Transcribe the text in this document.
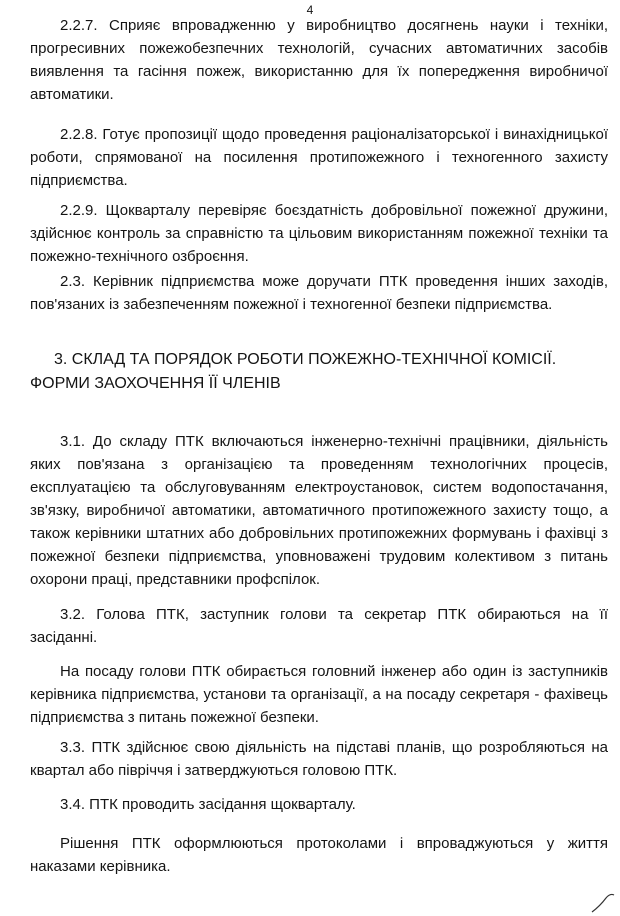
4

2.2.7. Сприяє впровадженню у виробництво досягнень науки і техніки, прогресивних пожежобезпечних технологій, сучасних автоматичних засобів виявлення та гасіння пожеж, використанню для їх попередження виробничої автоматики.

2.2.8. Готує пропозиції щодо проведення раціоналізаторської і винахідницької роботи, спрямованої на посилення протипожежного і техногенного захисту підприємства.

2.2.9. Щокварталу перевіряє боєздатність добровільної пожежної дружини, здійснює контроль за справністю та цільовим використанням пожежної техніки та пожежно-технічного озброєння.

2.3. Керівник підприємства може доручати ПТК проведення інших заходів, пов'язаних із забезпеченням пожежної і техногенної безпеки підприємства.

3. СКЛАД ТА ПОРЯДОК РОБОТИ ПОЖЕЖНО-ТЕХНІЧНОЇ КОМІСІЇ. ФОРМИ ЗАОХОЧЕННЯ ЇЇ ЧЛЕНІВ

3.1. До складу ПТК включаються інженерно-технічні працівники, діяльність яких пов'язана з організацією та проведенням технологічних процесів, експлуатацією та обслуговуванням електроустановок, систем водопостачання, зв'язку, виробничої автоматики, автоматичного протипожежного захисту тощо, а також керівники штатних або добровільних протипожежних формувань і фахівці з пожежної безпеки підприємства, уповноважені трудовим колективом з питань охорони праці, представники профспілок.

3.2. Голова ПТК, заступник голови та секретар ПТК обираються на її засіданні.

На посаду голови ПТК обирається головний інженер або один із заступників керівника підприємства, установи та організації, а на посаду секретаря - фахівець підприємства з питань пожежної безпеки.

3.3. ПТК здійснює свою діяльність на підставі планів, що розробляються на квартал або півріччя і затверджуються головою ПТК.

3.4. ПТК проводить засідання щокварталу.

Рішення ПТК оформлюються протоколами і впроваджуються у життя наказами керівника.
